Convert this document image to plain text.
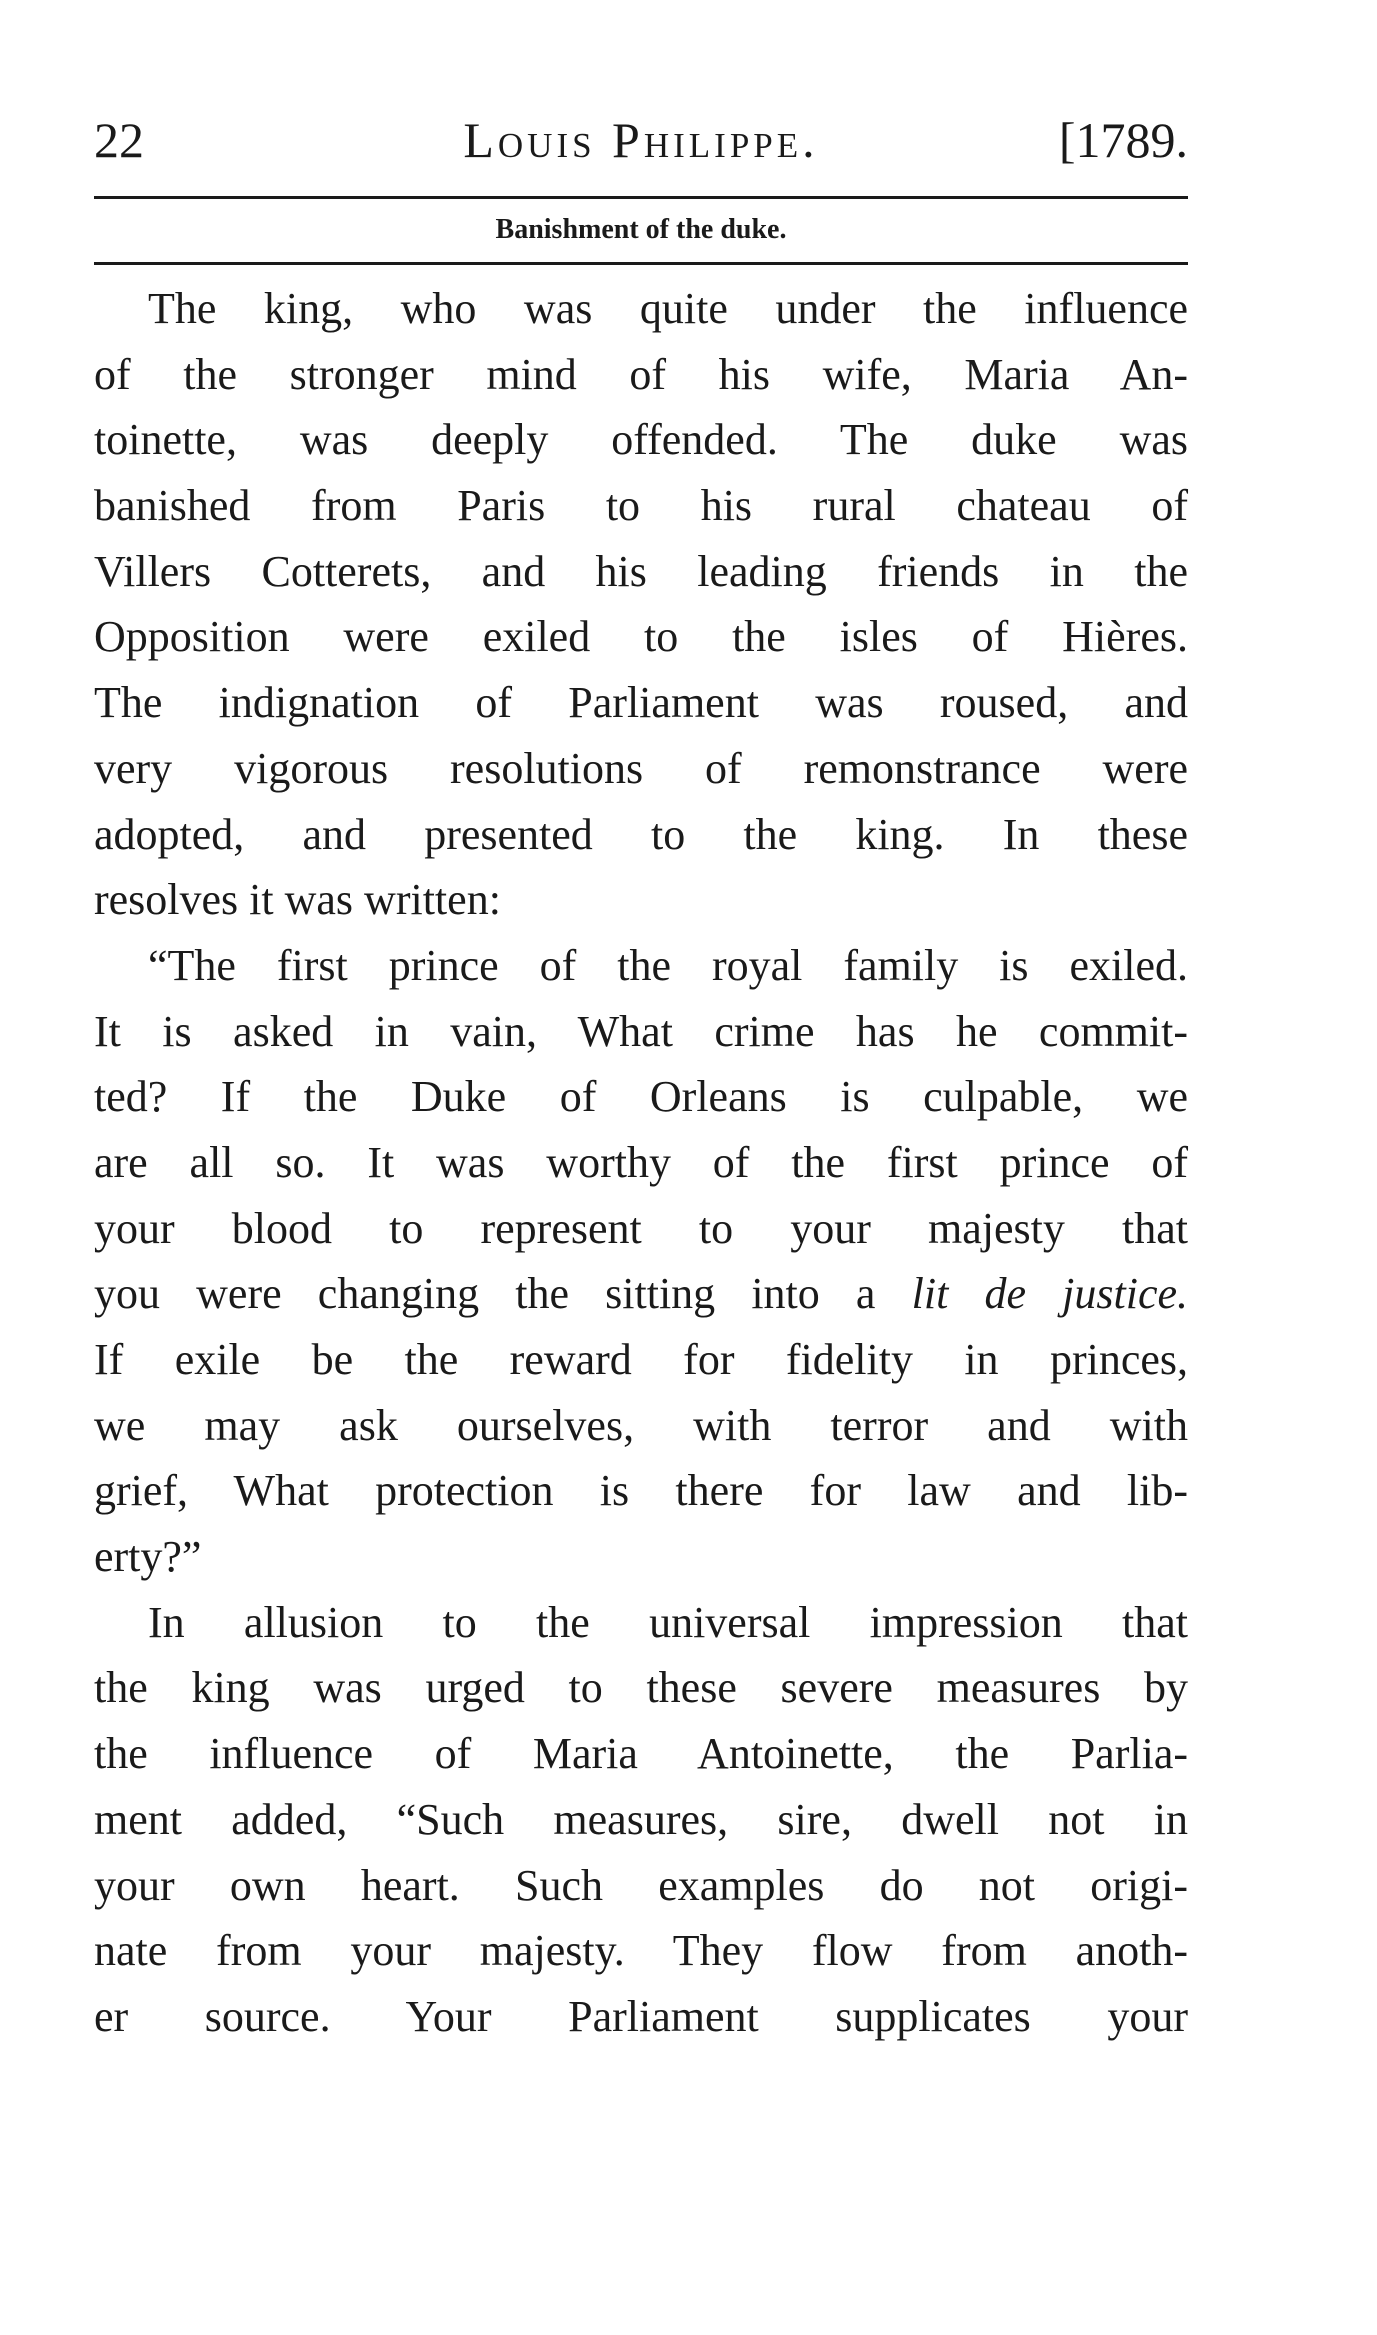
22	Louis Philippe.	[1789.
Banishment of the duke.
The king, who was quite under the influence
of the stronger mind of his wife, Maria An-
toinette, was deeply offended. The duke was
banished from Paris to his rural chateau of
Villers Cotterets, and his leading friends in the
Opposition were exiled to the isles of Hières.
The indignation of Parliament was roused, and
very vigorous resolutions of remonstrance were
adopted, and presented to the king. In these
resolves it was written:
“The first prince of the royal family is exiled.
It is asked in vain, What crime has he commit-
ted? If the Duke of Orleans is culpable, we
are all so. It was worthy of the first prince of
your blood to represent to your majesty that
you were changing the sitting into a lit de justice.
If exile be the reward for fidelity in princes,
we may ask ourselves, with terror and with
grief, What protection is there for law and lib-
erty?”
In allusion to the universal impression that
the king was urged to these severe measures by
the influence of Maria Antoinette, the Parlia-
ment added, “Such measures, sire, dwell not in
your own heart. Such examples do not origi-
nate from your majesty. They flow from anoth-
er source. Your Parliament supplicates your
